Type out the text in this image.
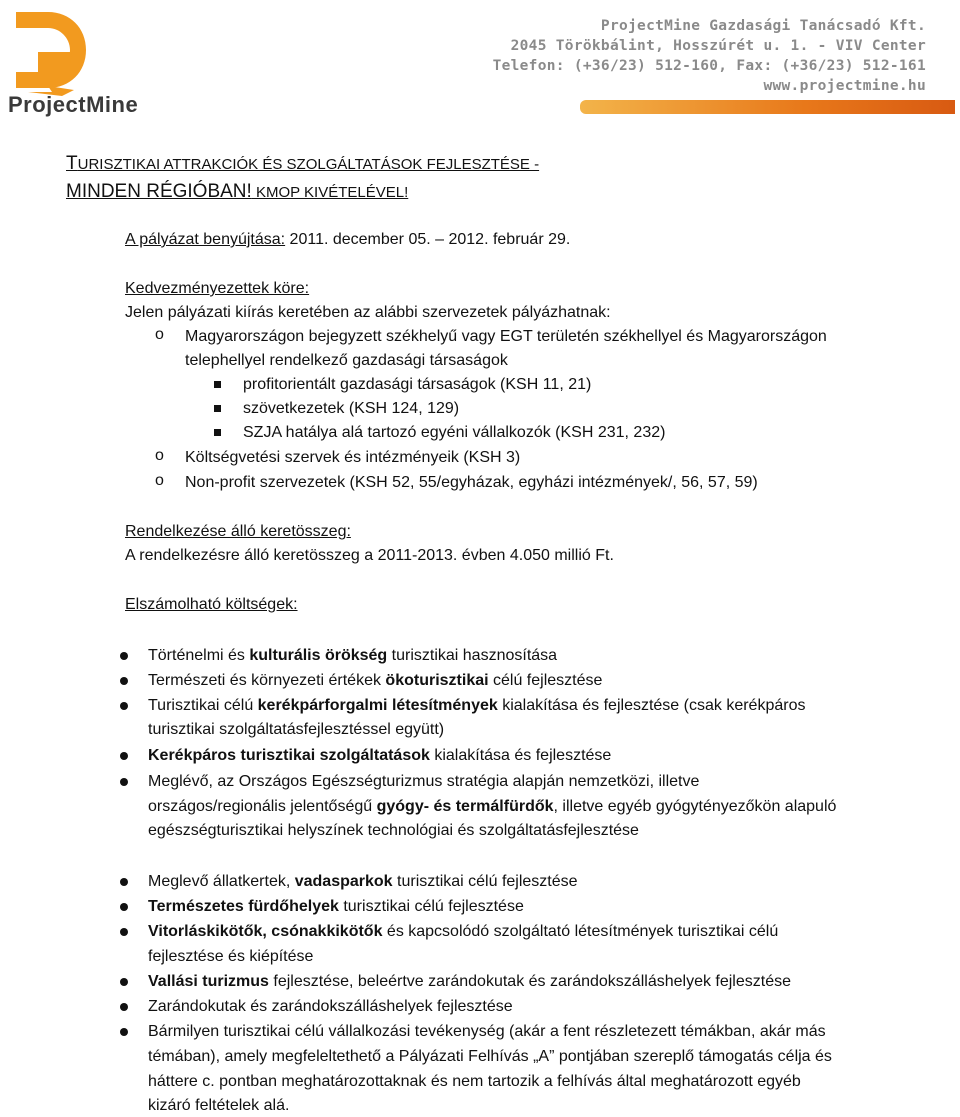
ProjectMine
ProjectMine Gazdasági Tanácsadó Kft.
2045 Törökbálint, Hosszúrét u. 1. - VIV Center
Telefon: (+36/23) 512-160, Fax: (+36/23) 512-161
www.projectmine.hu
TURISZTIKAI ATTRAKCIÓK ÉS SZOLGÁLTATÁSOK FEJLESZTÉSE -
MINDEN RÉGIÓBAN! KMOP KIVÉTELÉVEL!
A pályázat benyújtása: 2011. december 05. – 2012. február 29.
Kedvezményezettek köre:
Jelen pályázati kiírás keretében az alábbi szervezetek pályázhatnak:
o Magyarországon bejegyzett székhelyű vagy EGT területén székhellyel és Magyarországon
telephellyel rendelkező gazdasági társaságok
profitorientált gazdasági társaságok (KSH 11, 21)
szövetkezetek (KSH 124, 129)
SZJA hatálya alá tartozó egyéni vállalkozók (KSH 231, 232)
o Költségvetési szervek és intézményeik (KSH 3)
o Non-profit szervezetek (KSH 52, 55/egyházak, egyházi intézmények/, 56, 57, 59)
Rendelkezése álló keretösszeg:
A rendelkezésre álló keretösszeg a 2011-2013. évben 4.050 millió Ft.
Elszámolható költségek:
Történelmi és kulturális örökség turisztikai hasznosítása
Természeti és környezeti értékek ökoturisztikai célú fejlesztése
Turisztikai célú kerékpárforgalmi létesítmények kialakítása és fejlesztése (csak kerékpáros
turisztikai szolgáltatásfejlesztéssel együtt)
Kerékpáros turisztikai szolgáltatások kialakítása és fejlesztése
Meglévő, az Országos Egészségturizmus stratégia alapján nemzetközi, illetve
országos/regionális jelentőségű gyógy- és termálfürdők, illetve egyéb gyógytényezőkön alapuló
egészségturisztikai helyszínek technológiai és szolgáltatásfejlesztése
Meglevő állatkertek, vadasparkok turisztikai célú fejlesztése
Természetes fürdőhelyek turisztikai célú fejlesztése
Vitorláskikötők, csónakkikötők és kapcsolódó szolgáltató létesítmények turisztikai célú
fejlesztése és kiépítése
Vallási turizmus fejlesztése, beleértve zarándokutak és zarándokszálláshelyek fejlesztése
Zarándokutak és zarándokszálláshelyek fejlesztése
Bármilyen turisztikai célú vállalkozási tevékenység (akár a fent részletezett témákban, akár más
témában), amely megfeleltethető a Pályázati Felhívás „A” pontjában szereplő támogatás célja és
háttere c. pontban meghatározottaknak és nem tartozik a felhívás által meghatározott egyéb
kizáró feltételek alá.
